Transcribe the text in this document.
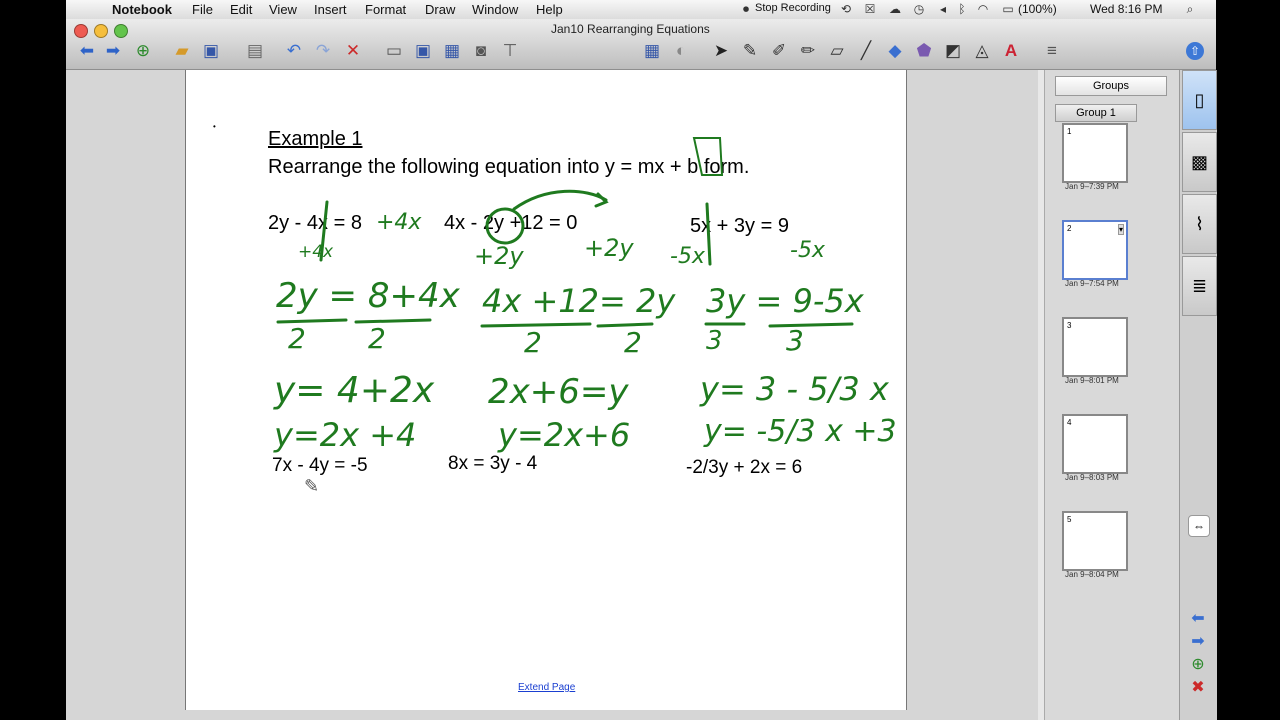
Notebook File Edit View Insert Format Draw Window Help	⏺ Stop Recording ⟲ ☒ ☁ ◷	◂	ᛒ ◠ ▭ (100%)	Wed 8:16 PM	⌕
Jan10 Rearranging Equations
⬅ ➡ ⊕ ▰ ▣ ▤ ↶ ↷ ✕ ▭ ▣ ▦ ◙ ⊤	▦ ◐	➤ ✎ ✐ ✏ ▱	╱	◆ ⬟ ◩ ◬ A	≡	⇧
•
Example 1
Rearrange the following equation into y = mx + b form.
2y - 4x = 8	4x - 2y +12 = 0	5x + 3y = 9
7x - 4y = -5	8x = 3y - 4	-2/3y + 2x = 6
+4x
+4x
2y = 8+4x
2 2
y= 4+2x
y=2x +4
+2y	+2y
4x +12= 2y
2	2
2x+6=y
y=2x+6
-5x	-5x
3y = 9-5x
3 3
y= 3 - 5/3 x
y= -5/3 x +3
✎
Extend Page
Groups
Group 1
1
Jan 9–7:39 PM
2	▾
Jan 9–7:54 PM
3
Jan 9–8:01 PM
4
Jan 9–8:03 PM
5
Jan 9–8:04 PM
▯
▩
⌇
≣
⇔
⬅
➡
⊕
✖
